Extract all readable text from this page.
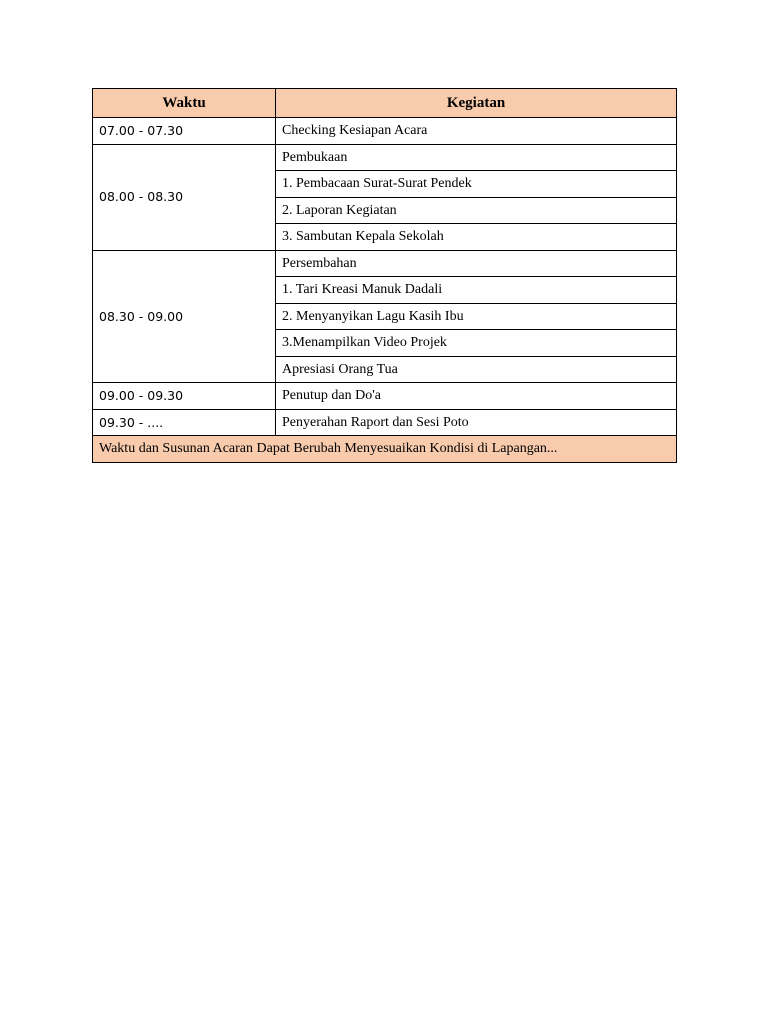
Waktu	Kegiatan
07.00 - 07.30	Checking Kesiapan Acara
08.00 - 08.30	Pembukaan
	1. Pembacaan Surat-Surat Pendek
	2. Laporan Kegiatan
	3. Sambutan Kepala Sekolah
08.30 - 09.00	Persembahan
	1. Tari Kreasi Manuk Dadali
	2. Menyanyikan Lagu Kasih Ibu
	3.Menampilkan Video Projek
	Apresiasi Orang Tua
09.00 - 09.30	Penutup dan Do'a
09.30 - ....	Penyerahan Raport dan Sesi Poto
Waktu dan Susunan Acaran Dapat Berubah Menyesuaikan Kondisi di Lapangan...	
